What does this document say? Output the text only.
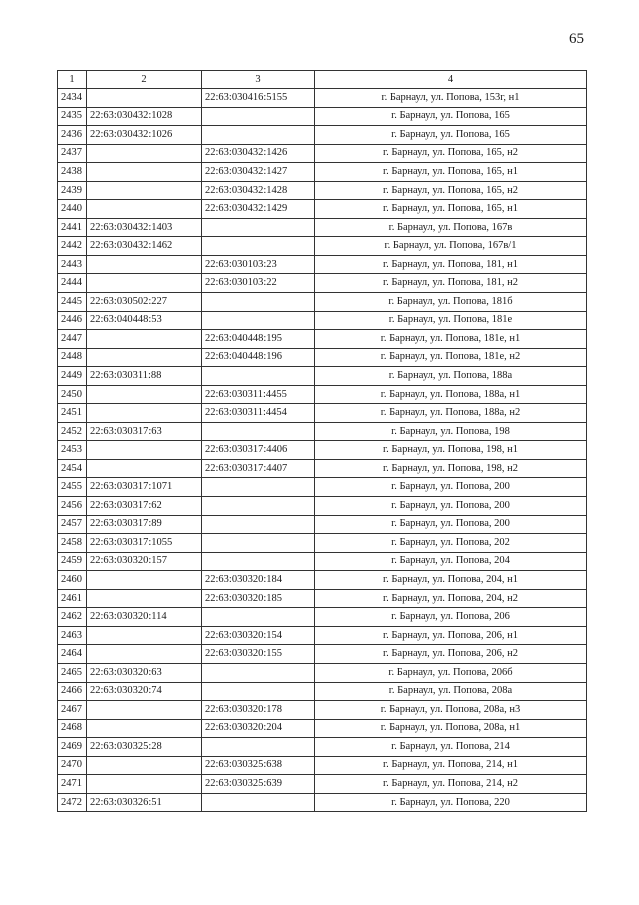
65
1	2	3	4
2434		22:63:030416:5155	г. Барнаул, ул. Попова, 153г, н1
2435	22:63:030432:1028		г. Барнаул, ул. Попова, 165
2436	22:63:030432:1026		г. Барнаул, ул. Попова, 165
2437		22:63:030432:1426	г. Барнаул, ул. Попова, 165, н2
2438		22:63:030432:1427	г. Барнаул, ул. Попова, 165, н1
2439		22:63:030432:1428	г. Барнаул, ул. Попова, 165, н2
2440		22:63:030432:1429	г. Барнаул, ул. Попова, 165, н1
2441	22:63:030432:1403		г. Барнаул, ул. Попова, 167в
2442	22:63:030432:1462		г. Барнаул, ул. Попова, 167в/1
2443		22:63:030103:23	г. Барнаул, ул. Попова, 181, н1
2444		22:63:030103:22	г. Барнаул, ул. Попова, 181, н2
2445	22:63:030502:227		г. Барнаул, ул. Попова, 181б
2446	22:63:040448:53		г. Барнаул, ул. Попова, 181е
2447		22:63:040448:195	г. Барнаул, ул. Попова, 181е, н1
2448		22:63:040448:196	г. Барнаул, ул. Попова, 181е, н2
2449	22:63:030311:88		г. Барнаул, ул. Попова, 188а
2450		22:63:030311:4455	г. Барнаул, ул. Попова, 188а, н1
2451		22:63:030311:4454	г. Барнаул, ул. Попова, 188а, н2
2452	22:63:030317:63		г. Барнаул, ул. Попова, 198
2453		22:63:030317:4406	г. Барнаул, ул. Попова, 198, н1
2454		22:63:030317:4407	г. Барнаул, ул. Попова, 198, н2
2455	22:63:030317:1071		г. Барнаул, ул. Попова, 200
2456	22:63:030317:62		г. Барнаул, ул. Попова, 200
2457	22:63:030317:89		г. Барнаул, ул. Попова, 200
2458	22:63:030317:1055		г. Барнаул, ул. Попова, 202
2459	22:63:030320:157		г. Барнаул, ул. Попова, 204
2460		22:63:030320:184	г. Барнаул, ул. Попова, 204, н1
2461		22:63:030320:185	г. Барнаул, ул. Попова, 204, н2
2462	22:63:030320:114		г. Барнаул, ул. Попова, 206
2463		22:63:030320:154	г. Барнаул, ул. Попова, 206, н1
2464		22:63:030320:155	г. Барнаул, ул. Попова, 206, н2
2465	22:63:030320:63		г. Барнаул, ул. Попова, 206б
2466	22:63:030320:74		г. Барнаул, ул. Попова, 208а
2467		22:63:030320:178	г. Барнаул, ул. Попова, 208а, н3
2468		22:63:030320:204	г. Барнаул, ул. Попова, 208а, н1
2469	22:63:030325:28		г. Барнаул, ул. Попова, 214
2470		22:63:030325:638	г. Барнаул, ул. Попова, 214, н1
2471		22:63:030325:639	г. Барнаул, ул. Попова, 214, н2
2472	22:63:030326:51		г. Барнаул, ул. Попова, 220
